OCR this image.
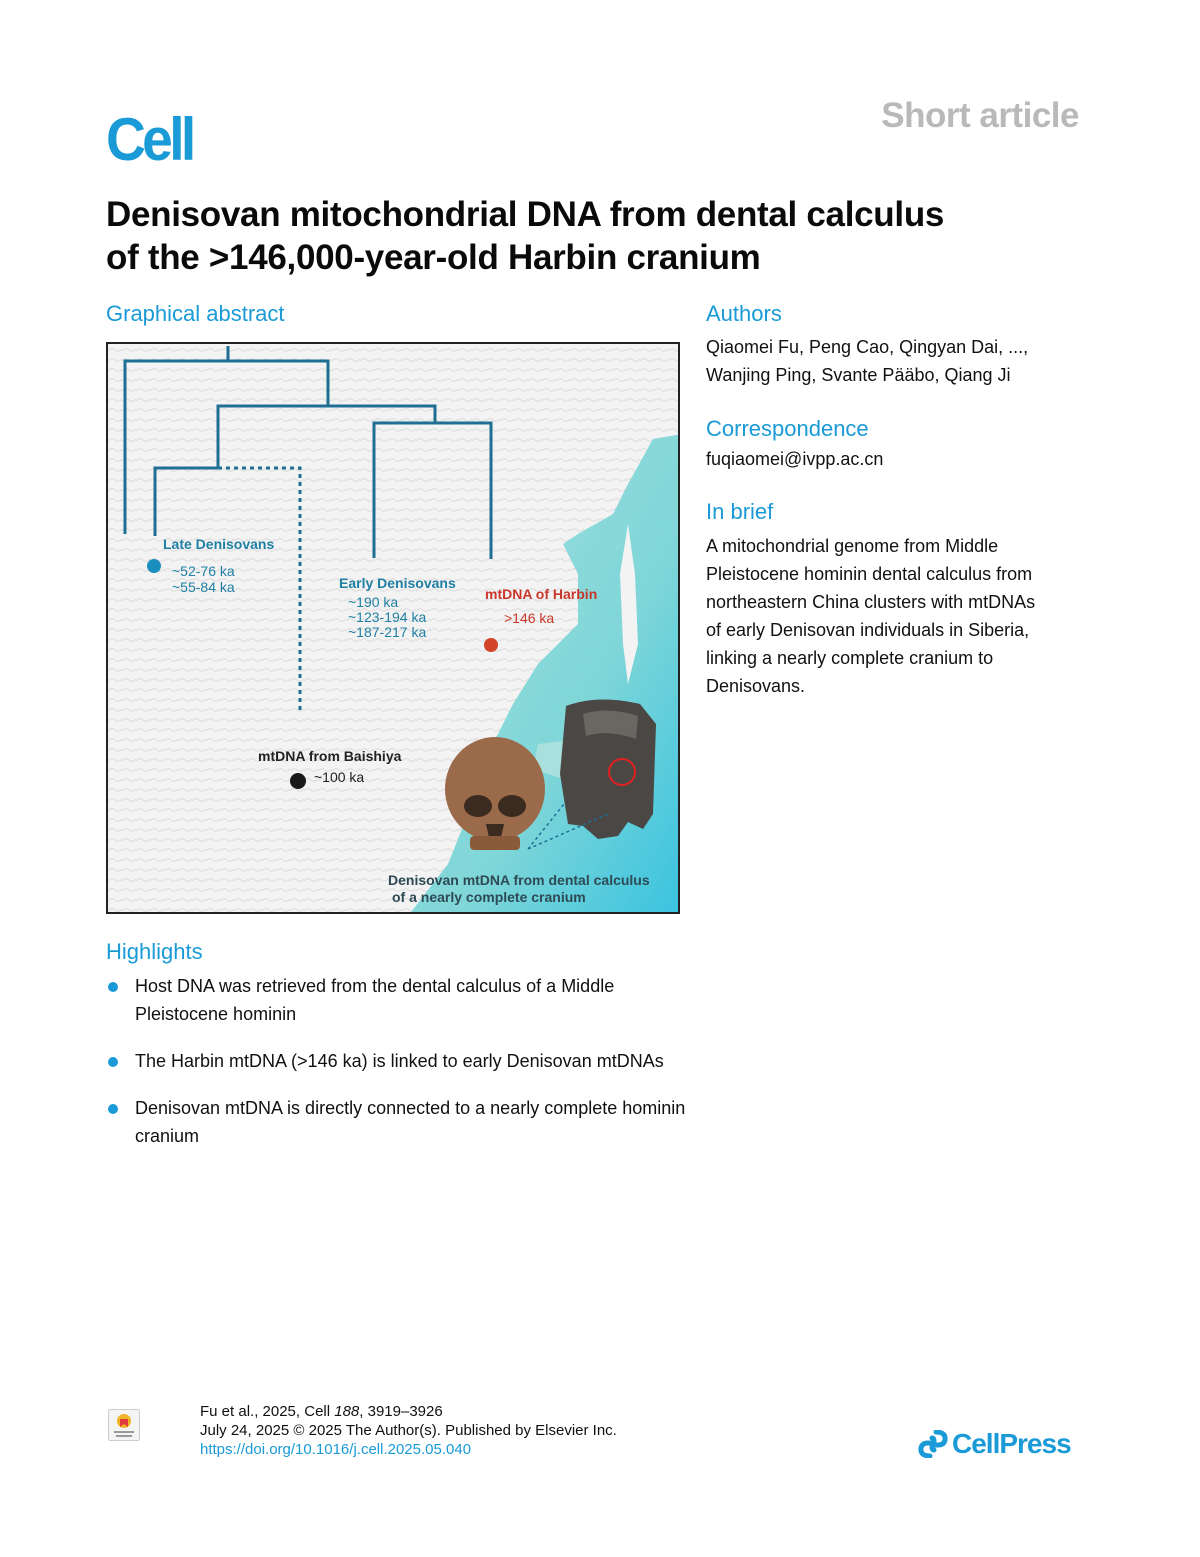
Cell	Short article
Denisovan mitochondrial DNA from dental calculus
of the >146,000-year-old Harbin cranium
Graphical abstract
Late Denisovans
~52-76 ka
~55-84 ka	Early Denisovans
~190 ka
~123-194 ka
~187-217 ka
mtDNA of Harbin
>146 ka
mtDNA from Baishiya
~100 ka
Denisovan mtDNA from dental calculus
of a nearly complete cranium
Authors
Qiaomei Fu, Peng Cao, Qingyan Dai, ...,
Wanjing Ping, Svante Pääbo, Qiang Ji
Correspondence
fuqiaomei@ivpp.ac.cn
In brief
A mitochondrial genome from Middle
Pleistocene hominin dental calculus from
northeastern China clusters with mtDNAs
of early Denisovan individuals in Siberia,
linking a nearly complete cranium to
Denisovans.
Highlights
Host DNA was retrieved from the dental calculus of a Middle Pleistocene hominin
The Harbin mtDNA (>146 ka) is linked to early Denisovan mtDNAs
Denisovan mtDNA is directly connected to a nearly complete hominin cranium
Fu et al., 2025, Cell 188, 3919–3926
July 24, 2025 © 2025 The Author(s). Published by Elsevier Inc.
https://doi.org/10.1016/j.cell.2025.05.040	CellPress
